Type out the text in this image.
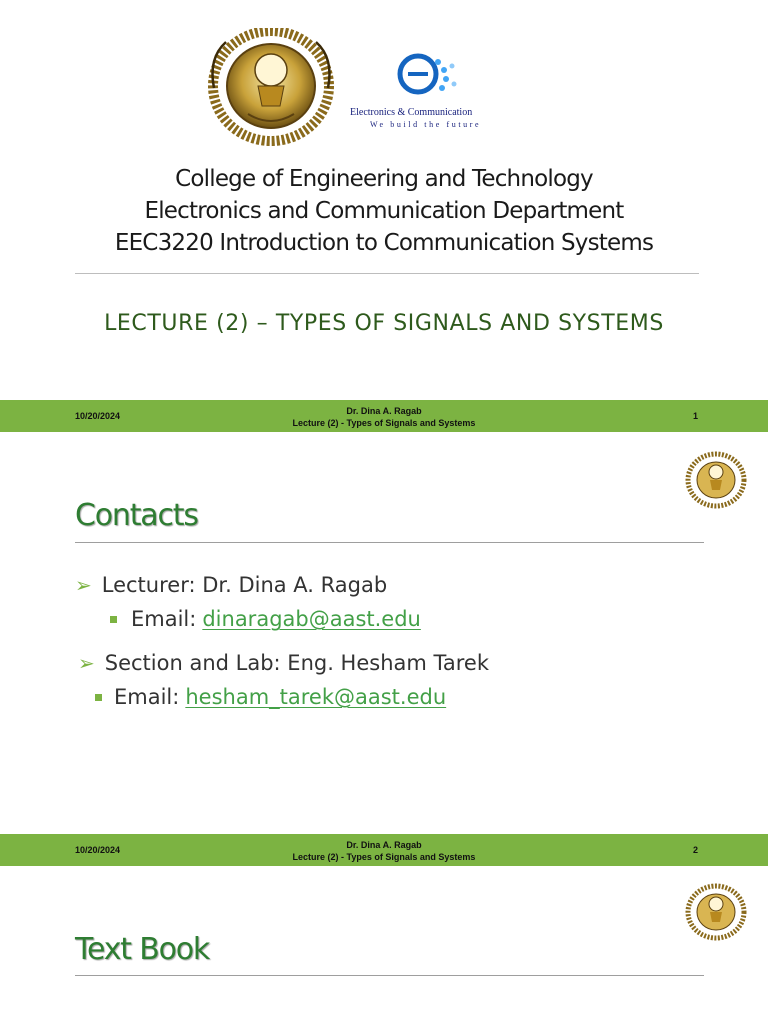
Electronics & Communication
We build the future
College of Engineering and Technology
Electronics and Communication Department
EEC3220 Introduction to Communication Systems
LECTURE (2) – TYPES OF SIGNALS AND SYSTEMS
10/20/2024	Dr. Dina A. Ragab
Lecture (2) - Types of Signals and Systems
1
Contacts
➢ Lecturer: Dr. Dina A. Ragab
Email: dinaragab@aast.edu
➢ Section and Lab: Eng. Hesham Tarek
Email: hesham_tarek@aast.edu
10/20/2024	Dr. Dina A. Ragab
Lecture (2) - Types of Signals and Systems
2
Text Book
